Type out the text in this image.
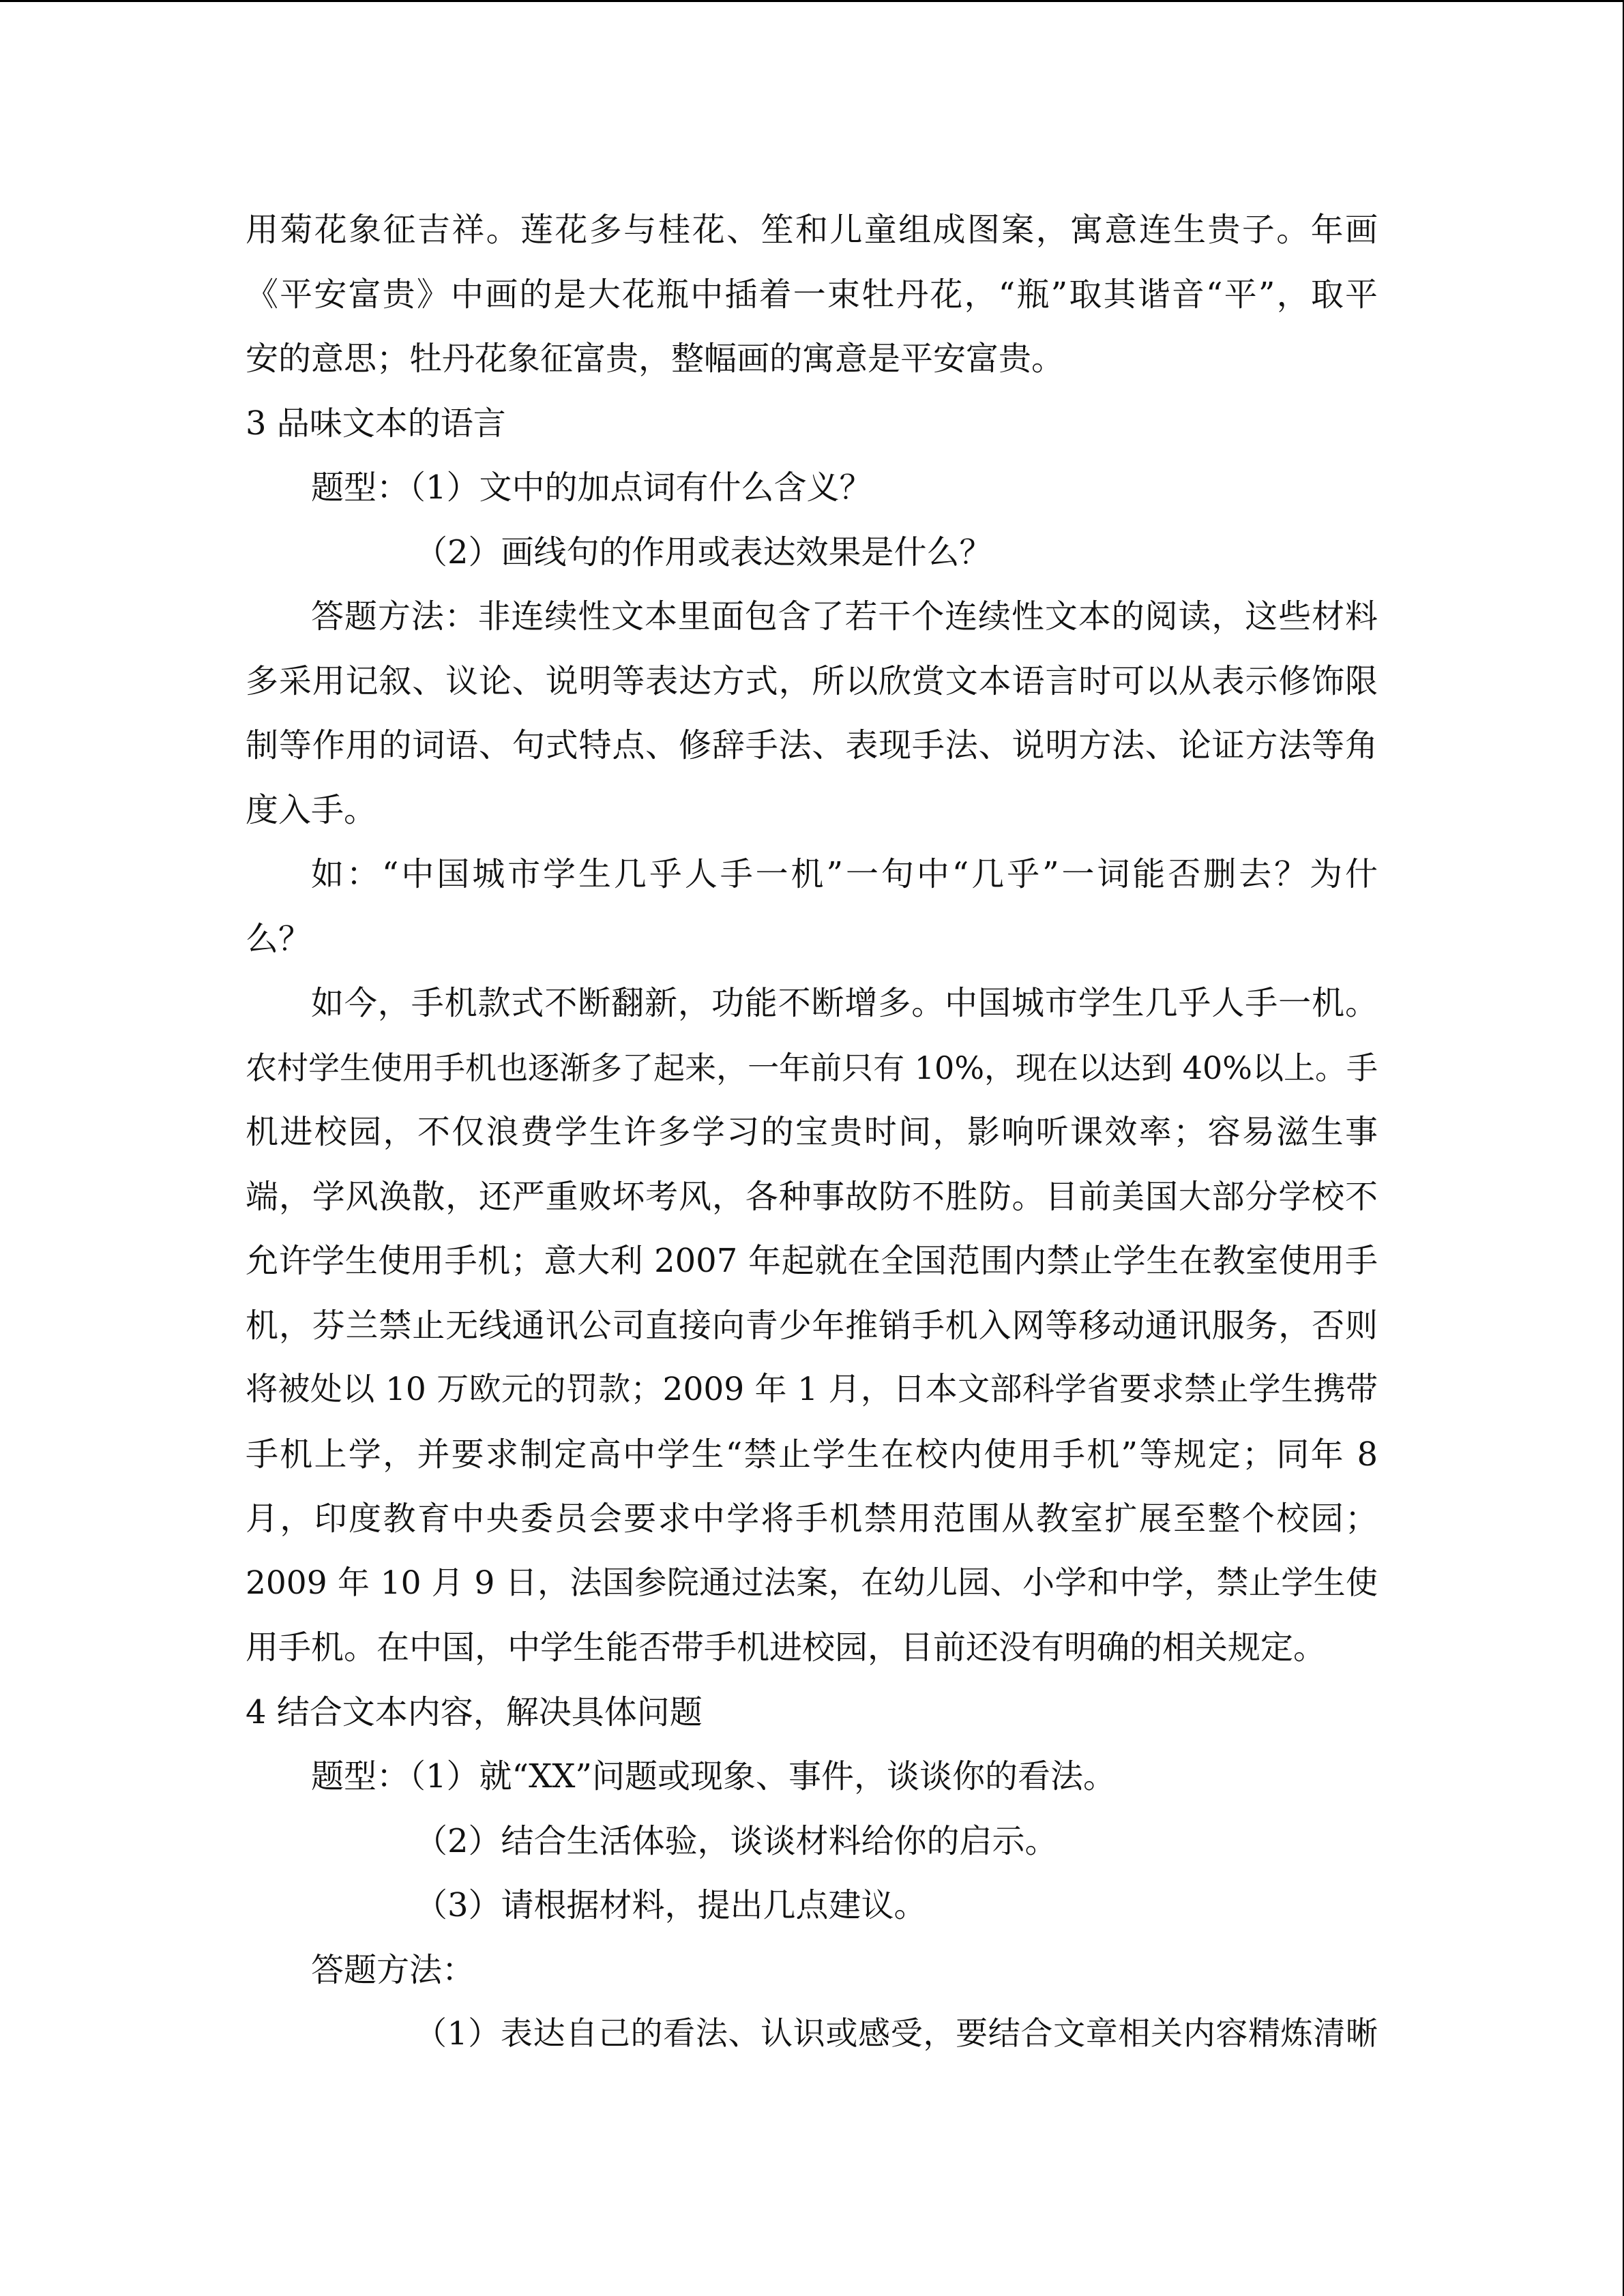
用菊花象征吉祥。莲花多与桂花、笙和儿童组成图案，寓意连生贵子。年画
《平安富贵》中画的是大花瓶中插着一束牡丹花，“瓶”取其谐音“平”，取平
安的意思；牡丹花象征富贵，整幅画的寓意是平安富贵。
3 品味文本的语言
题型：（1）文中的加点词有什么含义？
（2）画线句的作用或表达效果是什么？
答题方法：非连续性文本里面包含了若干个连续性文本的阅读，这些材料
多采用记叙、议论、说明等表达方式，所以欣赏文本语言时可以从表示修饰限
制等作用的词语、句式特点、修辞手法、表现手法、说明方法、论证方法等角
度入手。
如：“中国城市学生几乎人手一机”一句中“几乎”一词能否删去？为什
么？
如今，手机款式不断翻新，功能不断增多。中国城市学生几乎人手一机。
农村学生使用手机也逐渐多了起来，一年前只有 10%，现在以达到 40%以上。手
机进校园，不仅浪费学生许多学习的宝贵时间，影响听课效率；容易滋生事
端，学风涣散，还严重败坏考风，各种事故防不胜防。目前美国大部分学校不
允许学生使用手机；意大利 2007 年起就在全国范围内禁止学生在教室使用手
机，芬兰禁止无线通讯公司直接向青少年推销手机入网等移动通讯服务，否则
将被处以 10 万欧元的罚款；2009 年 1 月，日本文部科学省要求禁止学生携带
手机上学，并要求制定高中学生“禁止学生在校内使用手机”等规定；同年 8
月，印度教育中央委员会要求中学将手机禁用范围从教室扩展至整个校园；
2009 年 10 月 9 日，法国参院通过法案，在幼儿园、小学和中学，禁止学生使
用手机。在中国，中学生能否带手机进校园，目前还没有明确的相关规定。
4 结合文本内容，解决具体问题
题型：（1）就“XX”问题或现象、事件，谈谈你的看法。
（2）结合生活体验，谈谈材料给你的启示。
（3）请根据材料，提出几点建议。
答题方法：
（1）表达自己的看法、认识或感受，要结合文章相关内容精炼清晰
